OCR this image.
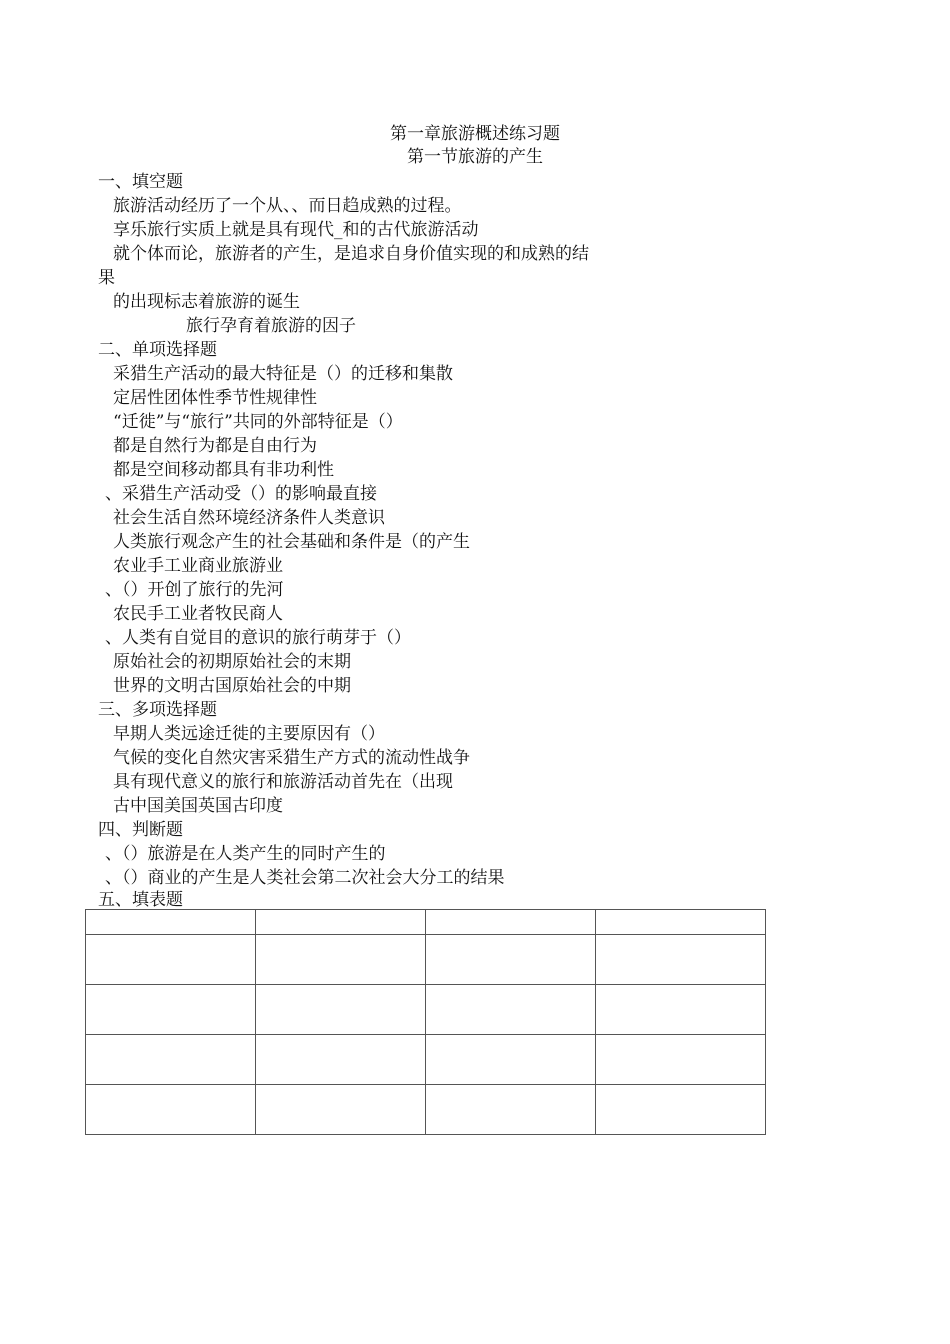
第一章旅游概述练习题
第一节旅游的产生
一、填空题
旅游活动经历了一个从、、而日趋成熟的过程。
享乐旅行实质上就是具有现代_和的古代旅游活动
就个体而论，旅游者的产生，是追求自身价值实现的和成熟的结
果
的出现标志着旅游的诞生
旅行孕育着旅游的因子
二、单项选择题
采猎生产活动的最大特征是（）的迁移和集散
定居性团体性季节性规律性
“迁徙”与“旅行”共同的外部特征是（）
都是自然行为都是自由行为
都是空间移动都具有非功利性
、采猎生产活动受（）的影响最直接
社会生活自然环境经济条件人类意识
人类旅行观念产生的社会基础和条件是（的产生
农业手工业商业旅游业
、（）开创了旅行的先河
农民手工业者牧民商人
、人类有自觉目的意识的旅行萌芽于（）
原始社会的初期原始社会的末期
世界的文明古国原始社会的中期
三、多项选择题
早期人类远途迁徙的主要原因有（）
气候的变化自然灾害采猎生产方式的流动性战争
具有现代意义的旅行和旅游活动首先在（出现
古中国美国英国古印度
四、判断题
、（）旅游是在人类产生的同时产生的
、（）商业的产生是人类社会第二次社会大分工的结果
五、填表题
